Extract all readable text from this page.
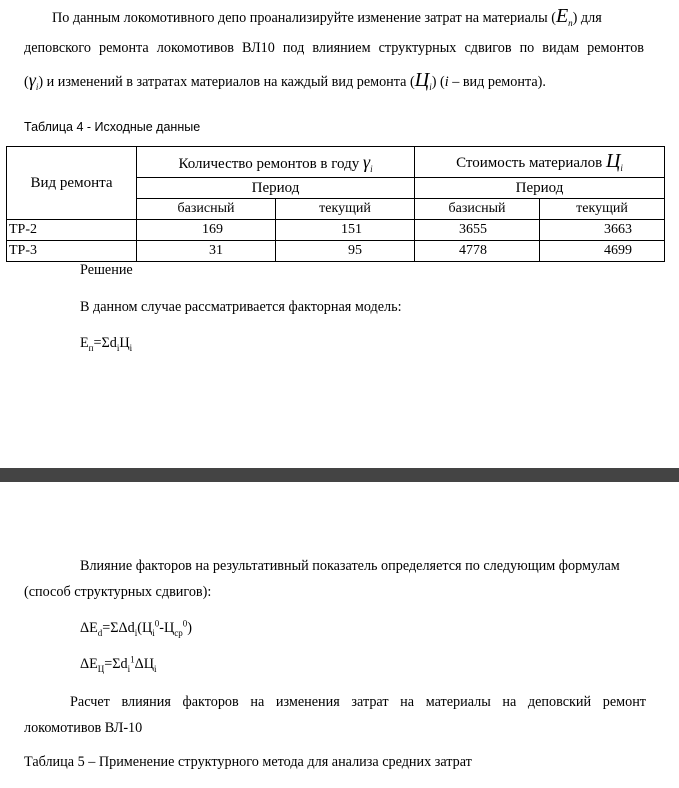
По данным локомотивного депо проанализируйте изменение затрат на материалы $(E_n)$ для
деповского ремонта локомотивов ВЛ10 под влиянием структурных сдвигов по видам ремонтов
$(\gamma_i)$ и изменений в затратах материалов на каждый вид ремонта $(Ц_i)$ (i – вид ремонта).
Таблица 4 - Исходные данные
Вид ремонта	Количество ремонтов в году $\gamma_i$		Стоимость материалов $Ц_i$
	Период		Период	
	базисный	текущий	базисный	текущий
ТР-2	169	151	3655	3663
ТР-3	31	95	4778	4699
Решение
В данном случае рассматривается факторная модель:
$E_п=\Sigma d_iЦ_i$
Влияние факторов на результативный показатель определяется по следующим формулам
(способ структурных сдвигов):
$\Delta E_d=\Sigma\Delta d_i(Ц_i^0-Ц_{ср}^0)$
$\Delta E_Ц=\Sigma d_i^1\Delta Ц_i$
Расчет влияния факторов на изменения затрат на материалы на деповский ремонт
локомотивов ВЛ-10
Таблица 5 – Применение структурного метода для анализа средних затрат
